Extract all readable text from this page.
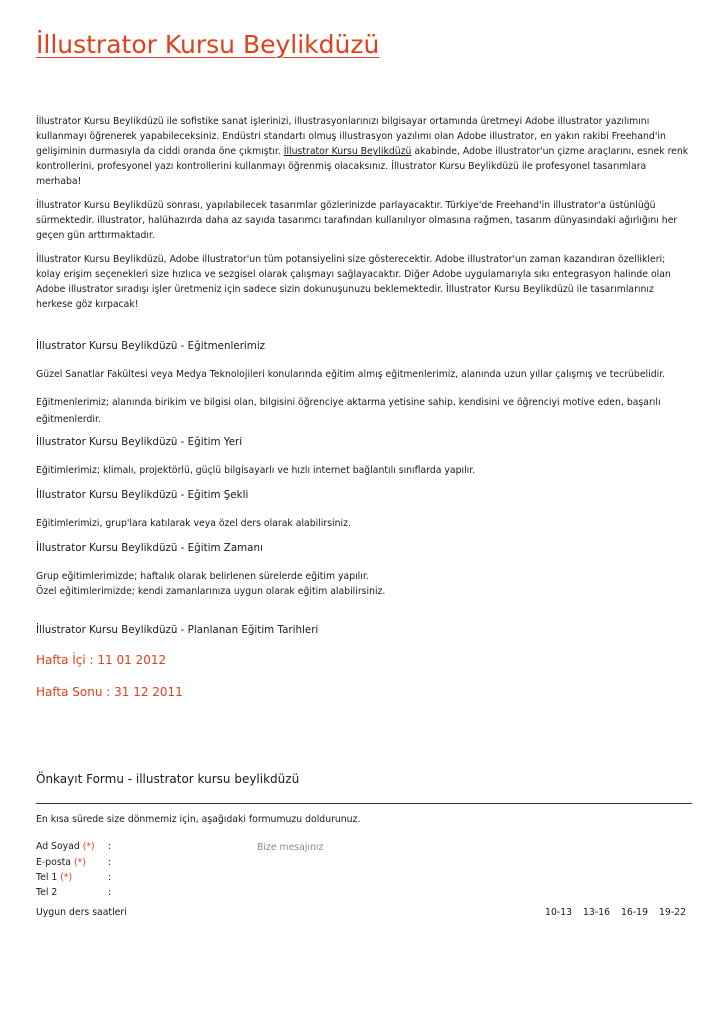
İllustrator Kursu Beylikdüzü

İllustrator Kursu Beylikdüzü ile sofistike sanat işlerinizi, illustrasyonlarınızı bilgisayar ortamında üretmeyi Adobe illustrator yazılımını kullanmayı öğrenerek yapabileceksiniz. Endüstri standartı olmuş illustrasyon yazılımı olan Adobe illustrator, en yakın rakibi Freehand'in gelişiminin durmasıyla da ciddi oranda öne çıkmıştır. İllustrator Kursu Beylikdüzü akabinde, Adobe illustrator'un çizme araçlarını, esnek renk kontrollerini, profesyonel yazı kontrollerini kullanmayı öğrenmiş olacaksınız. İllustrator Kursu Beylikdüzü ile profesyonel tasarımlara merhaba!

İllustrator Kursu Beylikdüzü sonrası, yapılabilecek tasarımlar gözlerinizde parlayacaktır. Türkiye'de Freehand'in illustrator'a üstünlüğü sürmektedir. illustrator, halühazırda daha az sayıda tasarımcı tarafından kullanılıyor olmasına rağmen, tasarım dünyasındaki ağırlığını her geçen gün arttırmaktadır.

İllustrator Kursu Beylikdüzü, Adobe illustrator'un tüm potansiyelini size gösterecektir. Adobe illustrator'un zaman kazandıran özellikleri; kolay erişim seçenekleri size hızlıca ve sezgisel olarak çalışmayı sağlayacaktır. Diğer Adobe uygulamarıyla sıkı entegrasyon halinde olan Adobe illustrator sıradışı işler üretmeniz için sadece sizin dokunuşunuzu beklemektedir. İllustrator Kursu Beylikdüzü ile tasarımlarınız herkese göz kırpacak!

İllustrator Kursu Beylikdüzü - Eğitmenlerimiz
Güzel Sanatlar Fakültesi veya Medya Teknolojileri konularında eğitim almış eğitmenlerimiz, alanında uzun yıllar çalışmış ve tecrübelidir.
Eğitmenlerimiz; alanında birikim ve bilgisi olan, bilgisini öğrenciye aktarma yetisine sahip, kendisini ve öğrenciyi motive eden, başarılı eğitmenlerdir.
İllustrator Kursu Beylikdüzü - Eğitim Yeri
Eğitimlerimiz; klimalı, projektörlü, güçlü bilgisayarlı ve hızlı internet bağlantılı sınıflarda yapılır.
İllustrator Kursu Beylikdüzü - Eğitim Şekli
Eğitimlerimizi, grup'lara katılarak veya özel ders olarak alabilirsiniz.
İllustrator Kursu Beylikdüzü - Eğitim Zamanı
Grup eğitimlerimizde; haftalık olarak belirlenen sürelerde eğitim yapılır.
Özel eğitimlerimizde; kendi zamanlarınıza uygun olarak eğitim alabilirsiniz.
İllustrator Kursu Beylikdüzü - Planlanan Eğitim Tarihleri
Hafta İçi : 11 01 2012
Hafta Sonu : 31 12 2011
Önkayıt Formu - illustrator kursu beylikdüzü
En kısa sürede size dönmemiz için, aşağıdaki formumuzu doldurunuz.
Ad Soyad (*) :
E-posta (*) :
Tel 1 (*)	:
Tel 2	:
Bize mesajınız
Uygun ders saatleri	10-13 13-16 16-19 19-22
